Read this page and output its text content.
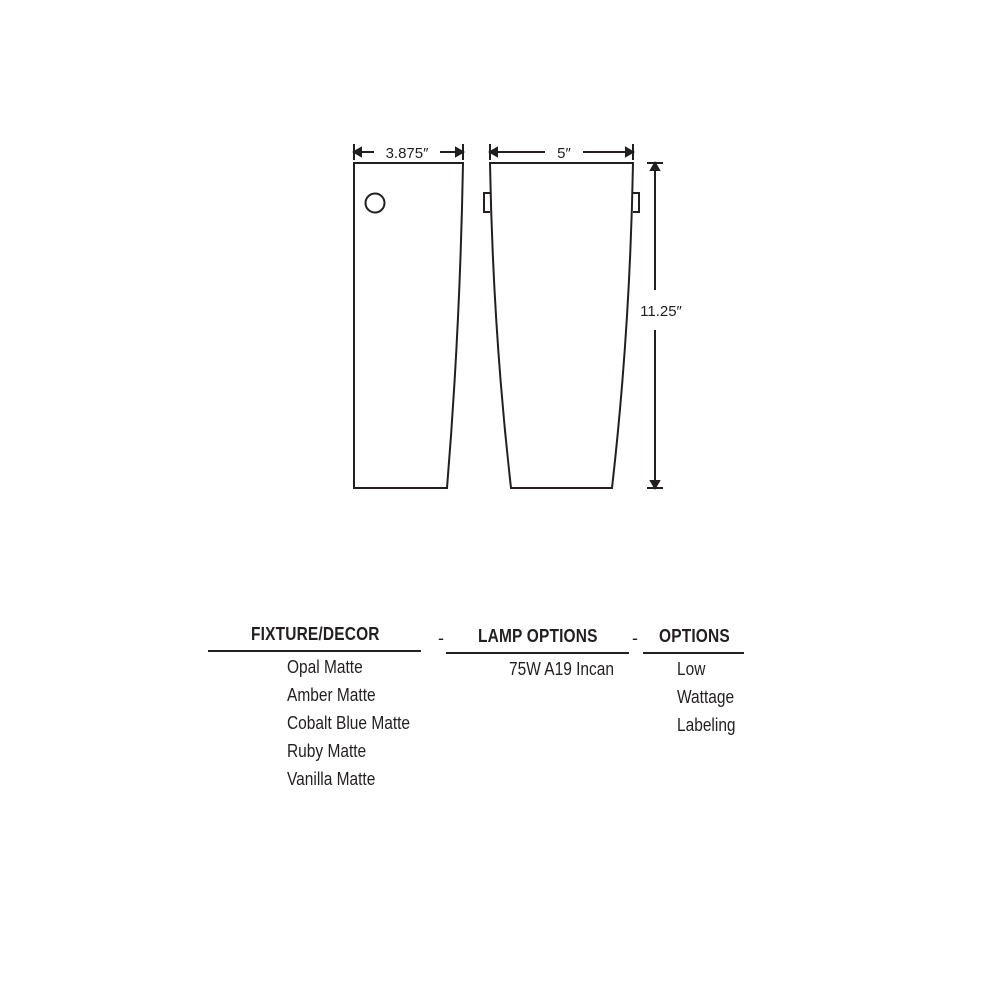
3.875″	5″
11.25″
FIXTURE/DECOR
Opal Matte
Amber Matte
Cobalt Blue Matte
Ruby Matte
Vanilla Matte
- LAMP OPTIONS
75W A19 Incan
- OPTIONS
Low
Wattage
Labeling
